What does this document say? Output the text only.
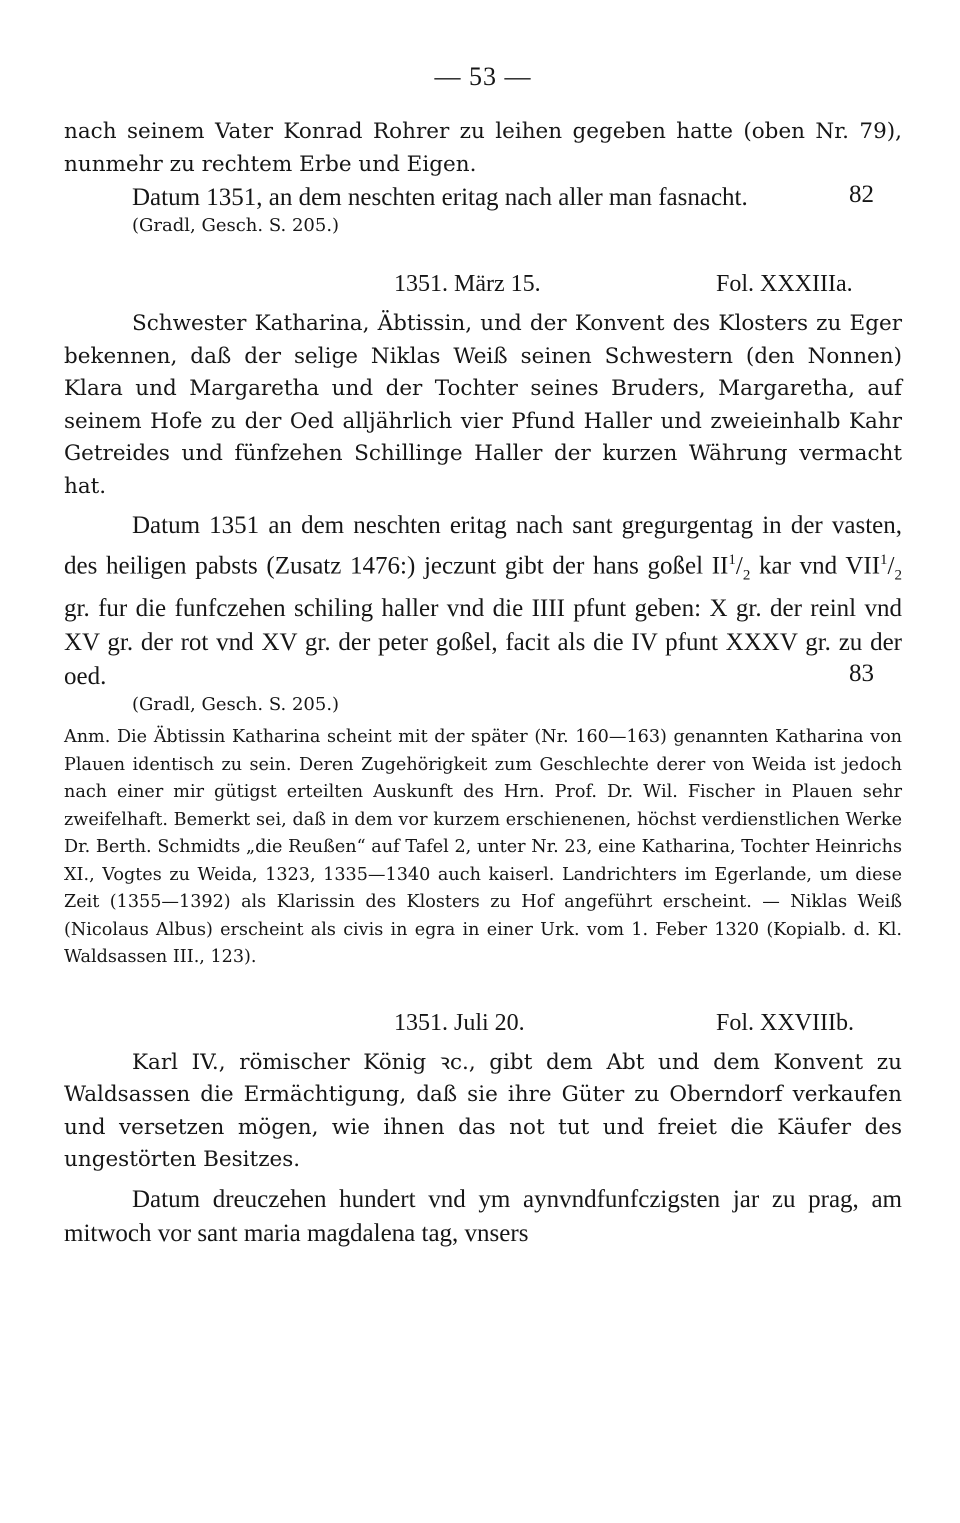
— 53 —

nach seinem Vater Konrad Rohrer zu leihen gegeben hatte (oben Nr. 79), nunmehr zu rechtem Erbe und Eigen.

Datum 1351, an dem neschten eritag nach aller man fasnacht.	82
(Gradl, Gesch. S. 205.)
1351. März 15.	Fol. XXXIIIa.

Schwester Katharina, Äbtissin, und der Konvent des Klosters zu Eger bekennen, daß der selige Niklas Weiß seinen Schwestern (den Nonnen) Klara und Margaretha und der Tochter seines Bruders, Margaretha, auf seinem Hofe zu der Oed alljährlich vier Pfund Haller und zweieinhalb Kahr Getreides und fünfzehen Schillinge Haller der kurzen Währung vermacht hat.

Datum 1351 an dem neschten eritag nach sant gregurgentag in der vasten, des heiligen pabsts (Zusatz 1476:) jeczunt gibt der hans goßel $II^1/_2$ kar vnd $VII^1/_2$ gr. fur die funfczehen schiling haller vnd die IIII pfunt geben: X gr. der reinl vnd XV gr. der rot vnd XV gr. der peter goßel, facit als die IV pfunt XXXV gr. zu der oed.	83
(Gradl, Gesch. S. 205.)

Anm. Die Äbtissin Katharina scheint mit der später (Nr. 160—163) genannten Katharina von Plauen identisch zu sein. Deren Zugehörigkeit zum Geschlechte derer von Weida ist jedoch nach einer mir gütigst erteilten Auskunft des Hrn. Prof. Dr. Wil. Fischer in Plauen sehr zweifelhaft. Bemerkt sei, daß in dem vor kurzem erschienenen, höchst verdienstlichen Werke Dr. Berth. Schmidts „die Reußen“ auf Tafel 2, unter Nr. 23, eine Katharina, Tochter Heinrichs XI., Vogtes zu Weida, 1323, 1335—1340 auch kaiserl. Landrichters im Egerlande, um diese Zeit (1355—1392) als Klarissin des Klosters zu Hof angeführt erscheint. — Niklas Weiß (Nicolaus Albus) erscheint als civis in egra in einer Urk. vom 1. Feber 1320 (Kopialb. d. Kl. Waldsassen III., 123).

1351. Juli 20.	Fol. XXVIIIb.

Karl IV., römischer König ꝛc., gibt dem Abt und dem Konvent zu Waldsassen die Ermächtigung, daß sie ihre Güter zu Oberndorf verkaufen und versetzen mögen, wie ihnen das not tut und freiet die Käufer des ungestörten Besitzes.

Datum dreuczehen hundert vnd ym aynvndfunfczigsten jar zu prag, am mitwoch vor sant maria magdalena tag, vnsers
